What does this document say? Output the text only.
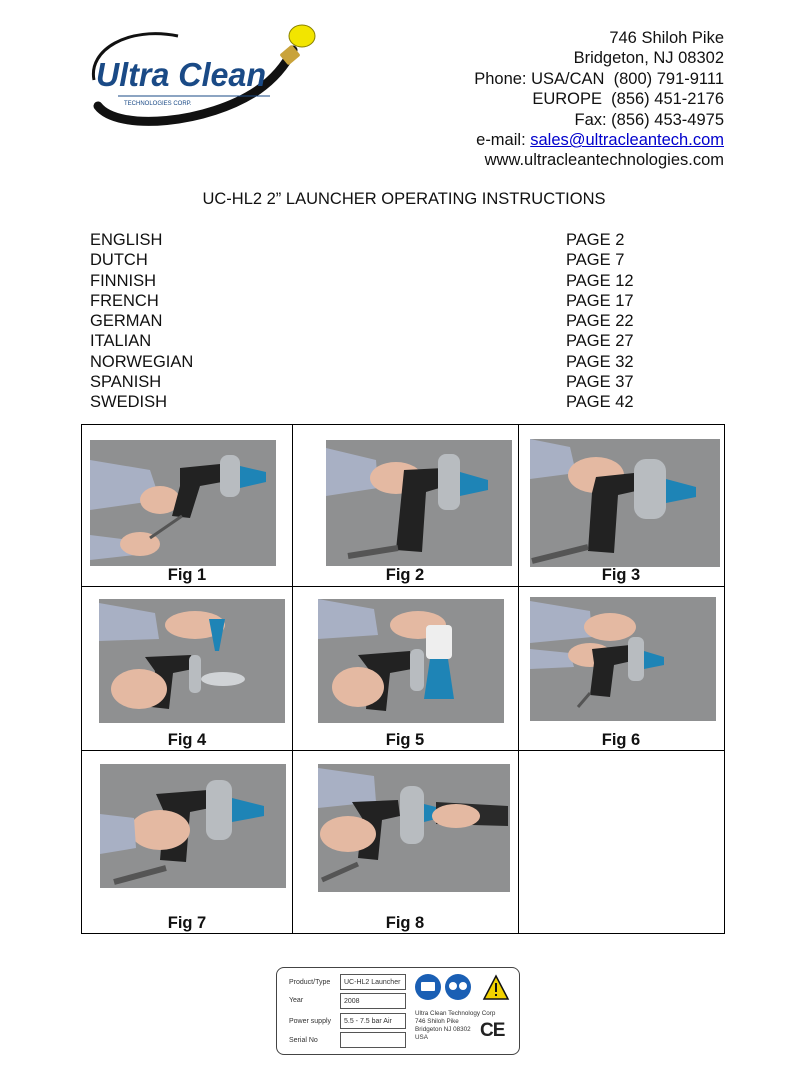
Ultra Clean
TECHNOLOGIES CORP.
746 Shiloh Pike
Bridgeton, NJ 08302
Phone: USA/CAN  (800) 791-9111
EUROPE  (856) 451-2176
Fax: (856) 453-4975
e-mail: sales@ultracleantech.com
www.ultracleantechnologies.com
UC-HL2 2” LAUNCHER OPERATING INSTRUCTIONS
ENGLISH	PAGE 2
DUTCH	PAGE 7
FINNISH	PAGE 12
FRENCH	PAGE 17
GERMAN	PAGE 22
ITALIAN	PAGE 27
NORWEGIAN	PAGE 32
SPANISH	PAGE 37
SWEDISH	PAGE 42
Fig 1	Fig 2	Fig 3
Fig 4	Fig 5	Fig 6
Fig 7	Fig 8
Product/Type	UC-HL2 Launcher
Year	2008
Power supply	5.5 - 7.5 bar Air
Serial No
Ultra Clean Technology Corp
746 Shiloh Pike
Bridgeton NJ 08302
USA	CE
